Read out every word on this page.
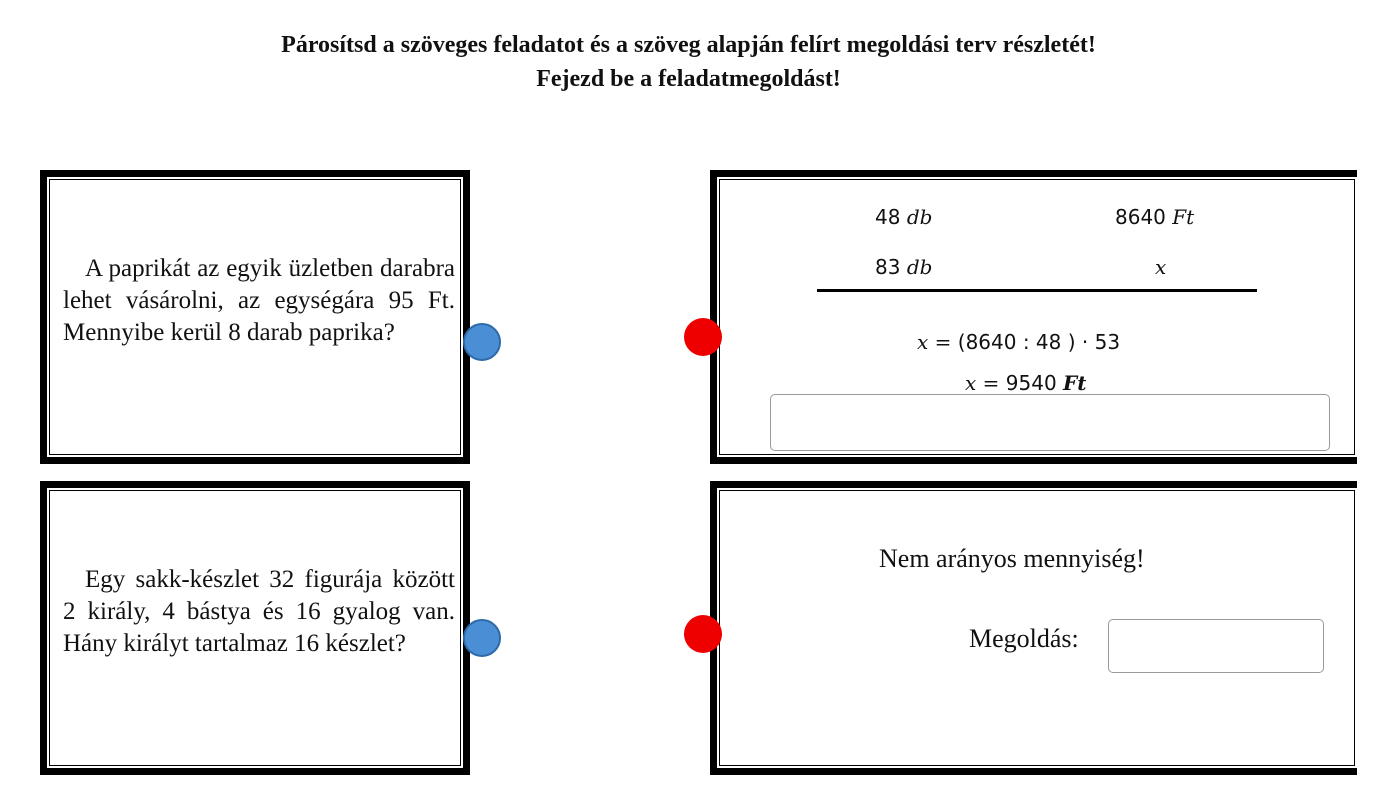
Párosítsd a szöveges feladatot és a szöveg alapján felírt megoldási terv részletét!
Fejezd be a feladatmegoldást!
A paprikát az egyik üzletben darabra lehet vásárolni, az egységára 95 Ft. Mennyibe kerül 8 darab paprika?
Egy sakk-készlet 32 figurája között 2 király, 4 bástya és 16 gyalog van. Hány királyt tartalmaz 16 készlet?
48 db	8640 Ft
83 db	x
x = (8640 : 48 ) · 53
x = 9540 Ft
Nem arányos mennyiség!
Megoldás:
